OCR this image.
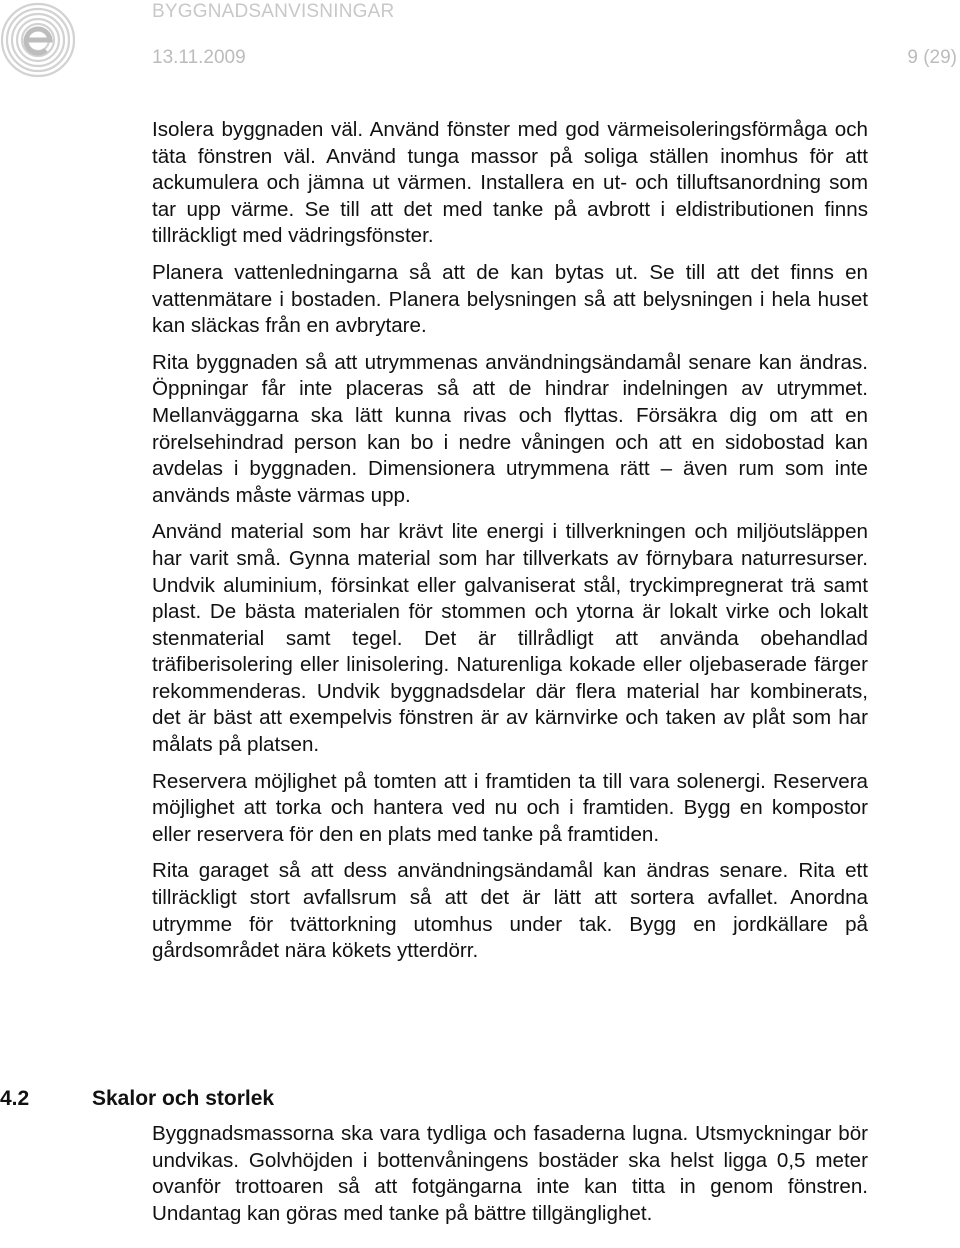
BYGGNADSANVISNINGAR
13.11.2009	9 (29)

Isolera byggnaden väl. Använd fönster med god värmeisoleringsförmåga och täta fönstren väl. Använd tunga massor på soliga ställen inomhus för att ackumulera och jämna ut värmen. Installera en ut- och tilluftsanordning som tar upp värme. Se till att det med tanke på avbrott i eldistributionen finns tillräckligt med vädringsfönster.

Planera vattenledningarna så att de kan bytas ut. Se till att det finns en vattenmätare i bostaden. Planera belysningen så att belysningen i hela huset kan släckas från en avbrytare.

Rita byggnaden så att utrymmenas användningsändamål senare kan ändras. Öppningar får inte placeras så att de hindrar indelningen av utrymmet. Mellanväggarna ska lätt kunna rivas och flyttas. Försäkra dig om att en rörelsehindrad person kan bo i nedre våningen och att en sidobostad kan avdelas i byggnaden. Dimensionera utrymmena rätt – även rum som inte används måste värmas upp.

Använd material som har krävt lite energi i tillverkningen och miljöutsläppen har varit små. Gynna material som har tillverkats av förnybara naturresurser. Undvik aluminium, försinkat eller galvaniserat stål, tryckimpregnerat trä samt plast. De bästa materialen för stommen och ytorna är lokalt virke och lokalt stenmaterial samt tegel. Det är tillrådligt att använda obehandlad träfiberisolering eller linisolering. Naturenliga kokade eller oljebaserade färger rekommenderas. Undvik byggnadsdelar där flera material har kombinerats, det är bäst att exempelvis fönstren är av kärnvirke och taken av plåt som har målats på platsen.

Reservera möjlighet på tomten att i framtiden ta till vara solenergi. Reservera möjlighet att torka och hantera ved nu och i framtiden. Bygg en kompostor eller reservera för den en plats med tanke på framtiden.

Rita garaget så att dess användningsändamål kan ändras senare. Rita ett tillräckligt stort avfallsrum så att det är lätt att sortera avfallet. Anordna utrymme för tvättorkning utomhus under tak. Bygg en jordkällare på gårdsområdet nära kökets ytterdörr.

4.2	Skalor och storlek

Byggnadsmassorna ska vara tydliga och fasaderna lugna. Utsmyckningar bör undvikas. Golvhöjden i bottenvåningens bostäder ska helst ligga 0,5 meter ovanför trottoaren så att fotgängarna inte kan titta in genom fönstren. Undantag kan göras med tanke på bättre tillgänglighet.
